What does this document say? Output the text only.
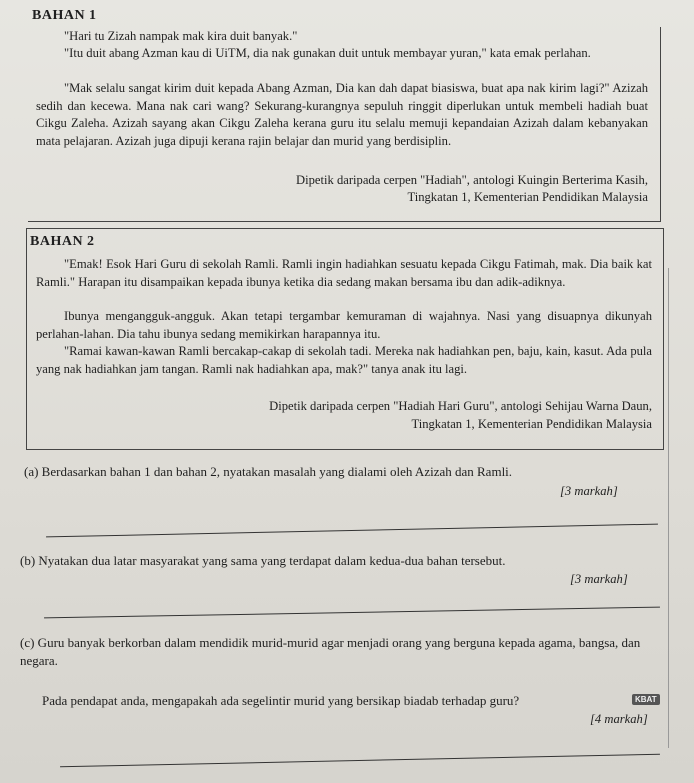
BAHAN 1
"Hari tu Zizah nampak mak kira duit banyak."
"Itu duit abang Azman kau di UiTM, dia nak gunakan duit untuk membayar yuran," kata emak perlahan.
"Mak selalu sangat kirim duit kepada Abang Azman, Dia kan dah dapat biasiswa, buat apa nak kirim lagi?" Azizah sedih dan kecewa. Mana nak cari wang? Sekurang-kurangnya sepuluh ringgit diperlukan untuk membeli hadiah buat Cikgu Zaleha. Azizah sayang akan Cikgu Zaleha kerana guru itu selalu memuji kepandaian Azizah dalam kebanyakan mata pelajaran. Azizah juga dipuji kerana rajin belajar dan murid yang berdisiplin.
Dipetik daripada cerpen "Hadiah", antologi Kuingin Berterima Kasih,
Tingkatan 1, Kementerian Pendidikan Malaysia
BAHAN 2
"Emak! Esok Hari Guru di sekolah Ramli. Ramli ingin hadiahkan sesuatu kepada Cikgu Fatimah, mak. Dia baik kat Ramli." Harapan itu disampaikan kepada ibunya ketika dia sedang makan bersama ibu dan adik-adiknya.
Ibunya mengangguk-angguk. Akan tetapi tergambar kemuraman di wajahnya. Nasi yang disuapnya dikunyah perlahan-lahan. Dia tahu ibunya sedang memikirkan harapannya itu.
"Ramai kawan-kawan Ramli bercakap-cakap di sekolah tadi. Mereka nak hadiahkan pen, baju, kain, kasut. Ada pula yang nak hadiahkan jam tangan. Ramli nak hadiahkan apa, mak?" tanya anak itu lagi.
Dipetik daripada cerpen "Hadiah Hari Guru", antologi Sehijau Warna Daun,
Tingkatan 1, Kementerian Pendidikan Malaysia
(a) Berdasarkan bahan 1 dan bahan 2, nyatakan masalah yang dialami oleh Azizah dan Ramli.
[3 markah]
(b) Nyatakan dua latar masyarakat yang sama yang terdapat dalam kedua-dua bahan tersebut.
[3 markah]
(c) Guru banyak berkorban dalam mendidik murid-murid agar menjadi orang yang berguna kepada agama, bangsa, dan negara.
Pada pendapat anda, mengapakah ada segelintir murid yang bersikap biadab terhadap guru?	KBAT
[4 markah]
